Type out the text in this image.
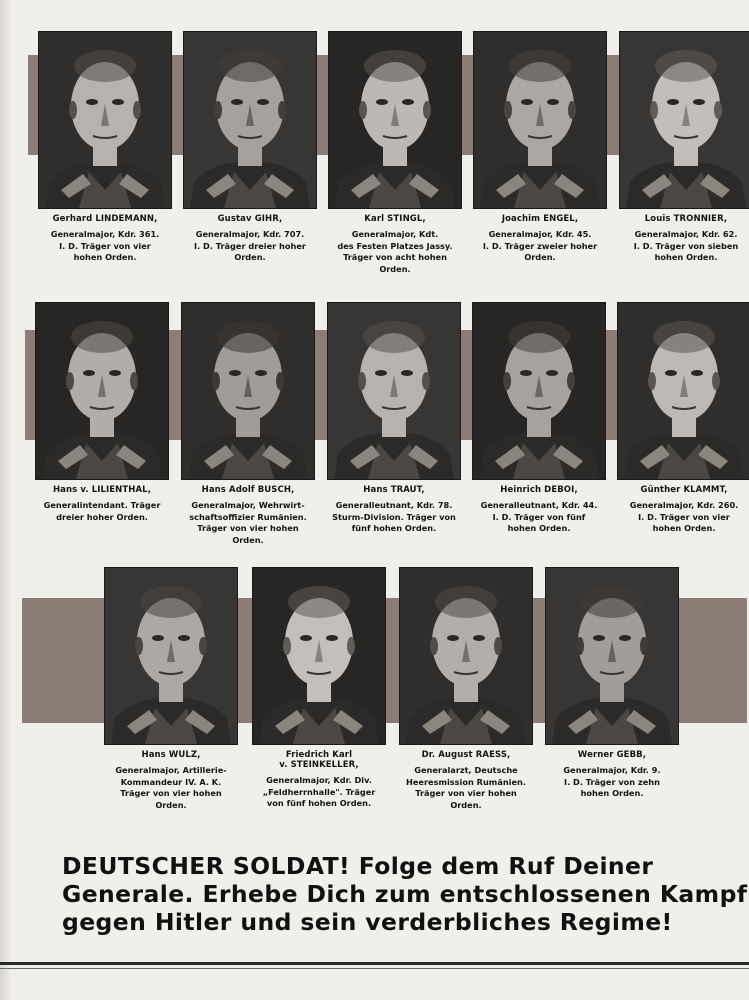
Gerhard LINDEMANN,
Generalmajor, Kdr. 361.
I. D. Träger von vier
hohen Orden.
Gustav GIHR,
Generalmajor, Kdr. 707.
I. D. Träger dreier hoher
Orden.
Karl STINGL,
Generalmajor, Kdt.
des Festen Platzes Jassy.
Träger von acht hohen
Orden.
Joachim ENGEL,
Generalmajor, Kdr. 45.
I. D. Träger zweier hoher
Orden.
Louis TRONNIER,
Generalmajor, Kdr. 62.
I. D. Träger von sieben
hohen Orden.
Hans v. LILIENTHAL,
Generalintendant. Träger
dreier hoher Orden.
Hans Adolf BUSCH,
Generalmajor, Wehrwirt-
schaftsoffizier Rumänien.
Träger von vier hohen
Orden.
Hans TRAUT,
Generalleutnant, Kdr. 78.
Sturm-Division. Träger von
fünf hohen Orden.
Heinrich DEBOI,
Generalleutnant, Kdr. 44.
I. D. Träger von fünf
hohen Orden.
Günther KLAMMT,
Generalmajor, Kdr. 260.
I. D. Träger von vier
hohen Orden.
Hans WULZ,
Generalmajor, Artillerie-
Kommandeur IV. A. K.
Träger von vier hohen
Orden.
Friedrich Karl
v. STEINKELLER,
Generalmajor, Kdr. Div.
„Feldherrnhalle". Träger
von fünf hohen Orden.
Dr. August RAESS,
Generalarzt, Deutsche
Heeresmission Rumänien.
Träger von vier hohen
Orden.
Werner GEBB,
Generalmajor, Kdr. 9.
I. D. Träger von zehn
hohen Orden.
DEUTSCHER SOLDAT! Folge dem Ruf Deiner
Generale. Erhebe Dich zum entschlossenen Kampf
gegen Hitler und sein verderbliches Regime!
